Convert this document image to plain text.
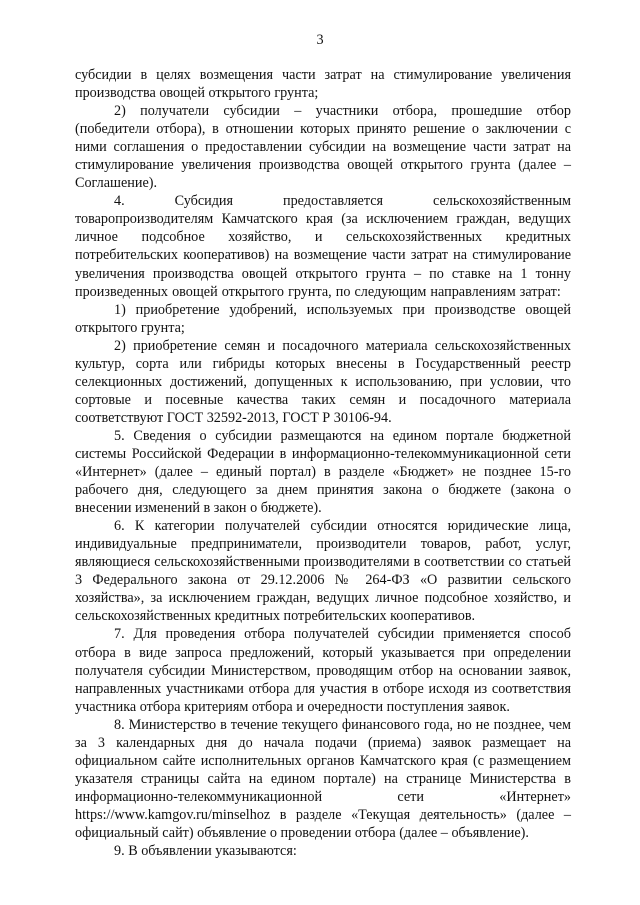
3

субсидии в целях возмещения части затрат на стимулирование увеличения производства овощей открытого грунта;

2) получатели субсидии – участники отбора, прошедшие отбор (победители отбора), в отношении которых принято решение о заключении с ними соглашения о предоставлении субсидии на возмещение части затрат на стимулирование увеличения производства овощей открытого грунта (далее – Соглашение).

4. Субсидия предоставляется сельскохозяйственным товаропроизводителям Камчатского края (за исключением граждан, ведущих личное подсобное хозяйство, и сельскохозяйственных кредитных потребительских кооперативов) на возмещение части затрат на стимулирование увеличения производства овощей открытого грунта – по ставке на 1 тонну произведенных овощей открытого грунта, по следующим направлениям затрат:

1) приобретение удобрений, используемых при производстве овощей открытого грунта;

2) приобретение семян и посадочного материала сельскохозяйственных культур, сорта или гибриды которых внесены в Государственный реестр селекционных достижений, допущенных к использованию, при условии, что сортовые и посевные качества таких семян и посадочного материала соответствуют ГОСТ 32592-2013, ГОСТ Р 30106-94.

5. Сведения о субсидии размещаются на едином портале бюджетной системы Российской Федерации в информационно-телекоммуникационной сети «Интернет» (далее – единый портал) в разделе «Бюджет» не позднее 15-го рабочего дня, следующего за днем принятия закона о бюджете (закона о внесении изменений в закон о бюджете).

6. К категории получателей субсидии относятся юридические лица, индивидуальные предприниматели, производители товаров, работ, услуг, являющиеся сельскохозяйственными производителями в соответствии со статьей 3 Федерального закона от 29.12.2006 № 264-ФЗ «О развитии сельского хозяйства», за исключением граждан, ведущих личное подсобное хозяйство, и сельскохозяйственных кредитных потребительских кооперативов.

7. Для проведения отбора получателей субсидии применяется способ отбора в виде запроса предложений, который указывается при определении получателя субсидии Министерством, проводящим отбор на основании заявок, направленных участниками отбора для участия в отборе исходя из соответствия участника отбора критериям отбора и очередности поступления заявок.

8. Министерство в течение текущего финансового года, но не позднее, чем за 3 календарных дня до начала подачи (приема) заявок размещает на официальном сайте исполнительных органов Камчатского края (с размещением указателя страницы сайта на едином портале) на странице Министерства в информационно-телекоммуникационной сети «Интернет» https://www.kamgov.ru/minselhoz в разделе «Текущая деятельность» (далее – официальный сайт) объявление о проведении отбора (далее – объявление).

9. В объявлении указываются:
